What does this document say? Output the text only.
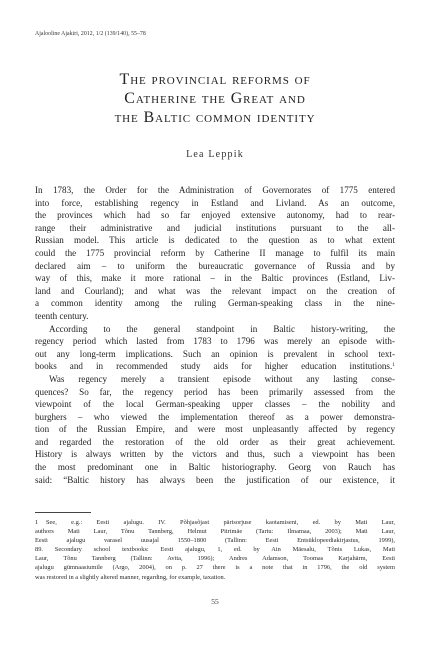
Ajalooline Ajakiri, 2012, 1/2 (139/140), 55–78
The provincial reforms of
Catherine the Great and
the Baltic common identity
Lea Leppik
In 1783, the Order for the Administration of Governorates of 1775 entered
into force, establishing regency in Estland and Livland. As an outcome,
the provinces which had so far enjoyed extensive autonomy, had to rear-
range their administrative and judicial institutions pursuant to the all-
Russian model. This article is dedicated to the question as to what extent
could the 1775 provincial reform by Catherine II manage to fulfil its main
declared aim – to uniform the bureaucratic governance of Russia and by
way of this, make it more rational – in the Baltic provinces (Estland, Liv-
land and Courland); and what was the relevant impact on the creation of
a common identity among the ruling German-speaking class in the nine-
teenth century.
According to the general standpoint in Baltic history-writing, the
regency period which lasted from 1783 to 1796 was merely an episode with-
out any long-term implications. Such an opinion is prevalent in school text-
books and in recommended study aids for higher education institutions.$^1$
Was regency merely a transient episode without any lasting conse-
quences? So far, the regency period has been primarily assessed from the
viewpoint of the local German-speaking upper classes – the nobility and
burghers – who viewed the implementation thereof as a power demonstra-
tion of the Russian Empire, and were most unpleasantly affected by regency
and regarded the restoration of the old order as their great achievement.
History is always written by the victors and thus, such a viewpoint has been
the most predominant one in Baltic historiography. Georg von Rauch has
said: “Baltic history has always been the justification of our existence, it
1 See, e.g.: Eesti ajalugu. IV. Põhjasõjast pärisorjuse kaotamiseni, ed. by Mati Laur,
authors Mati Laur, Tõnu Tannberg, Helmut Piirimäe (Tartu: Ilmamaa, 2003); Mati Laur,
Eesti ajalugu varasel uusajal 1550–1800 (Tallinn: Eesti Entsüklopeediakirjastus, 1999),
89. Secondary school textbooks: Eesti ajalugu, 1, ed. by Ain Mäesalu, Tõnis Lukas, Mati
Laur, Tõnu Tannberg (Tallinn: Avita, 1996); Andres Adamson, Toomas Karjahärm, Eesti
ajalugu gümnaasiumile (Argo, 2004), on p. 27 there is a note that in 1796, the old system
was restored in a slightly altered manner, regarding, for example, taxation.
55
